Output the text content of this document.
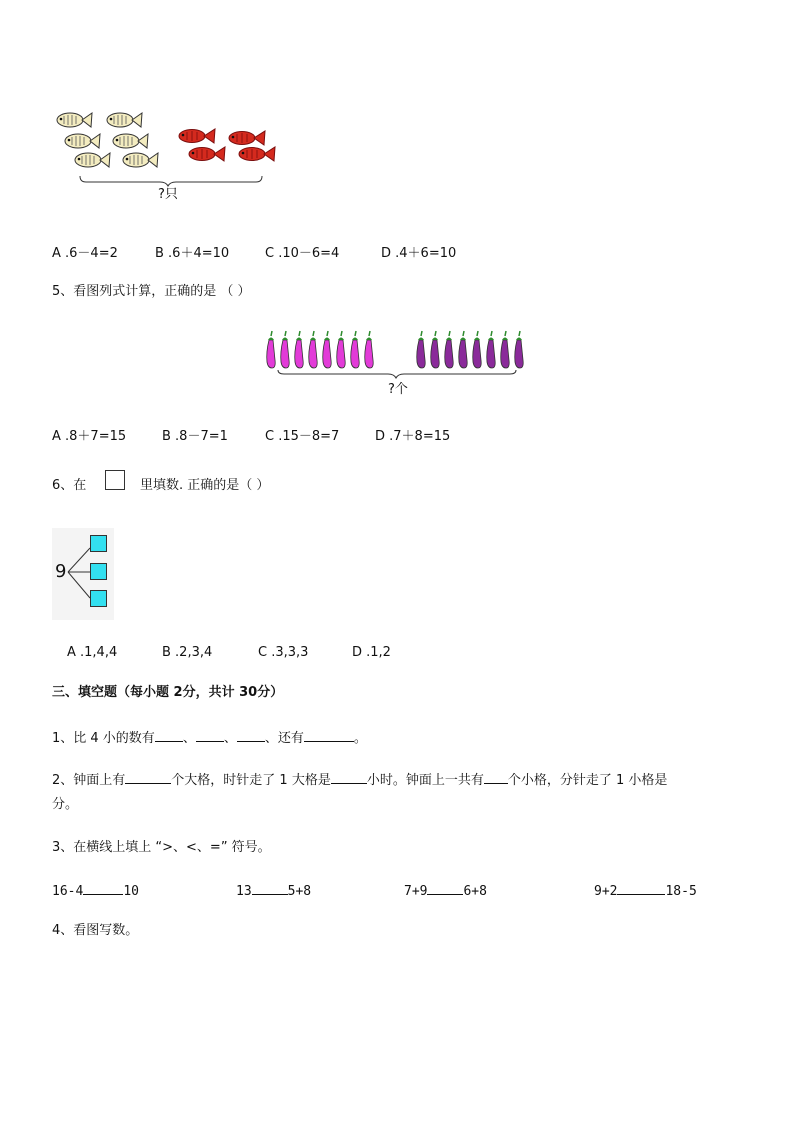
?只
A .6－4=2	B .6＋4=10	C .10－6=4	D .4＋6=10
5、看图列式计算，正确的是 （ ）
?个
A .8＋7=15	B .8－7=1	C .15－8=7	D .7＋8=15
6、在	里填数. 正确的是（ ）
9
A .1,4,4	B .2,3,4	C .3,3,3	D .1,2
三、填空题（每小题 2分，共计 30分）
1、比 4 小的数有 、 、 、还有	。
2、钟面上有	个大格，时针走了 1 大格是	小时。钟面上一共有 个小格，分针走了 1 小格是
分。
3、在横线上填上 “>、<、=” 符号。
16-4	10	13	5+8	7+9	6+8	9+2	18-5
4、看图写数。
